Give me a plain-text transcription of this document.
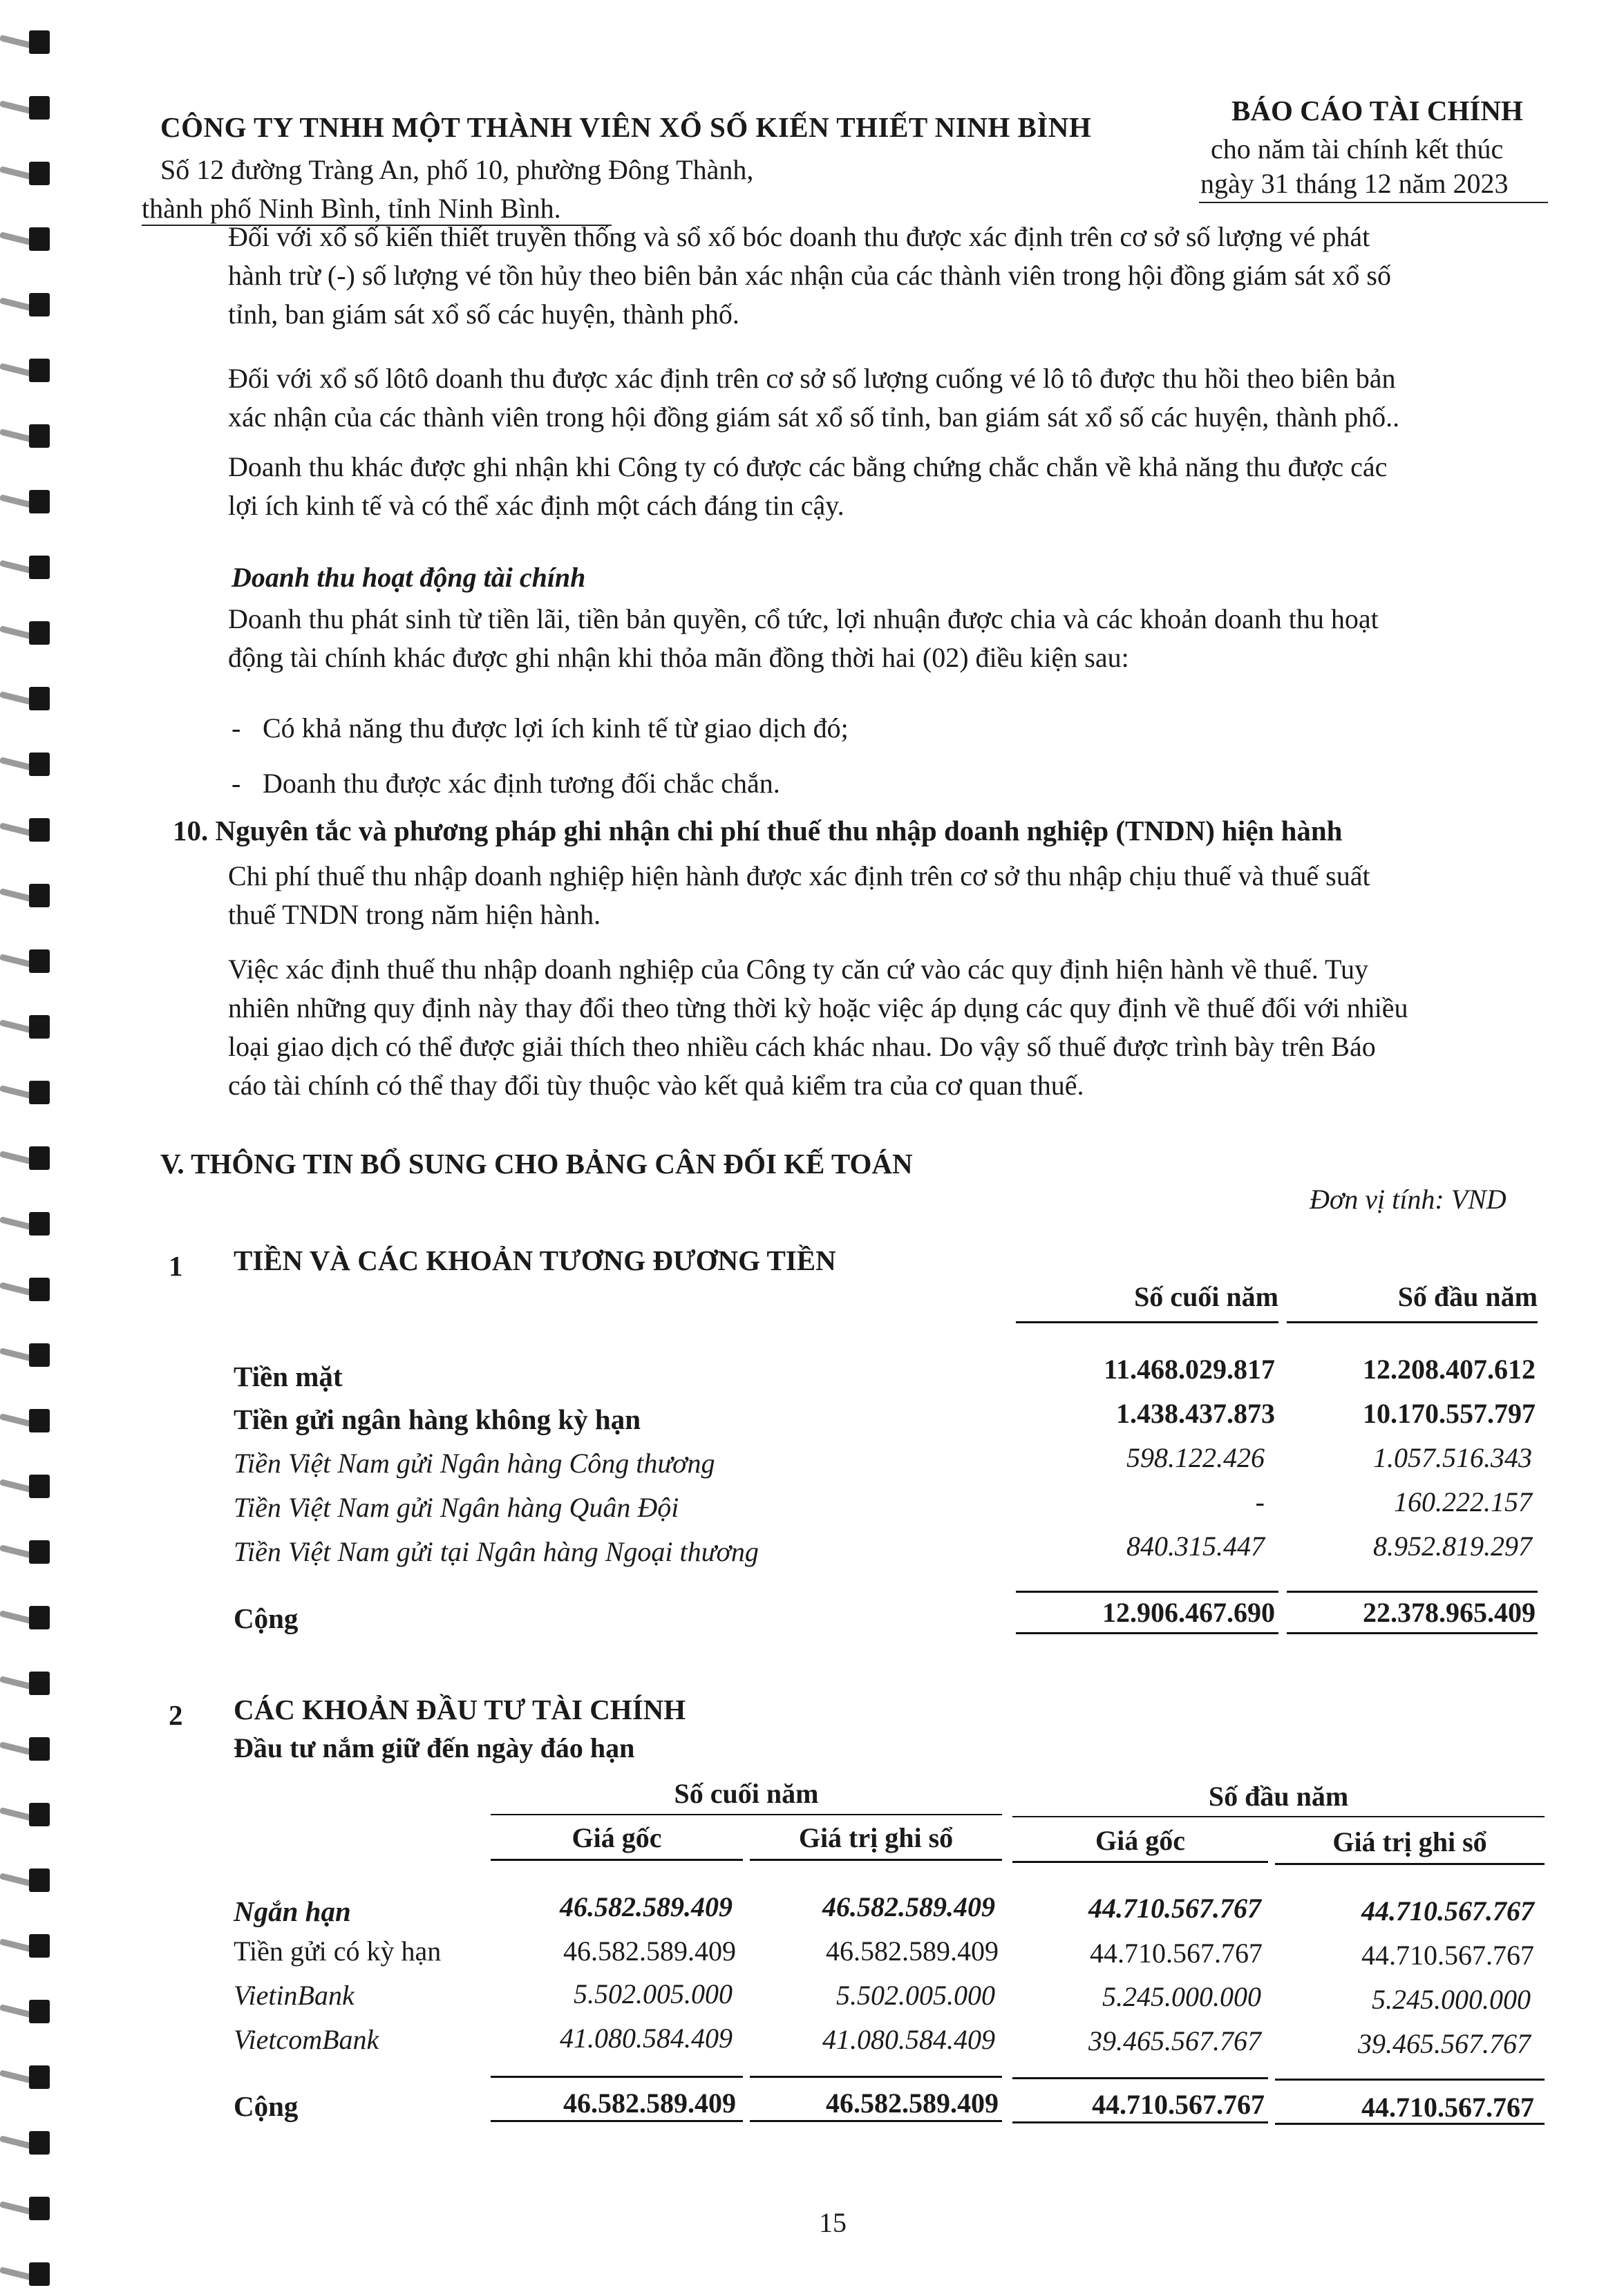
CÔNG TY TNHH MỘT THÀNH VIÊN XỔ SỐ KIẾN THIẾT NINH BÌNH
Số 12 đường Tràng An, phố 10, phường Đông Thành,
thành phố Ninh Bình, tỉnh Ninh Bình.
BÁO CÁO TÀI CHÍNH
cho năm tài chính kết thúc
ngày 31 tháng 12 năm 2023
Đối với xổ số kiến thiết truyền thống và sổ xố bóc doanh thu được xác định trên cơ sở số lượng vé phát
hành trừ (-) số lượng vé tồn hủy theo biên bản xác nhận của các thành viên trong hội đồng giám sát xổ số
tỉnh, ban giám sát xổ số các huyện, thành phố.
Đối với xổ số lôtô doanh thu được xác định trên cơ sở số lượng cuống vé lô tô được thu hồi theo biên bản
xác nhận của các thành viên trong hội đồng giám sát xổ số tỉnh, ban giám sát xổ số các huyện, thành phố..
Doanh thu khác được ghi nhận khi Công ty có được các bằng chứng chắc chắn về khả năng thu được các
lợi ích kinh tế và có thể xác định một cách đáng tin cậy.
Doanh thu hoạt động tài chính
Doanh thu phát sinh từ tiền lãi, tiền bản quyền, cổ tức, lợi nhuận được chia và các khoản doanh thu hoạt
động tài chính khác được ghi nhận khi thỏa mãn đồng thời hai (02) điều kiện sau:
- Có khả năng thu được lợi ích kinh tế từ giao dịch đó;
- Doanh thu được xác định tương đối chắc chắn.
10. Nguyên tắc và phương pháp ghi nhận chi phí thuế thu nhập doanh nghiệp (TNDN) hiện hành
Chi phí thuế thu nhập doanh nghiệp hiện hành được xác định trên cơ sở thu nhập chịu thuế và thuế suất
thuế TNDN trong năm hiện hành.
Việc xác định thuế thu nhập doanh nghiệp của Công ty căn cứ vào các quy định hiện hành về thuế. Tuy
nhiên những quy định này thay đổi theo từng thời kỳ hoặc việc áp dụng các quy định về thuế đối với nhiều
loại giao dịch có thể được giải thích theo nhiều cách khác nhau. Do vậy số thuế được trình bày trên Báo
cáo tài chính có thể thay đổi tùy thuộc vào kết quả kiểm tra của cơ quan thuế.
V. THÔNG TIN BỔ SUNG CHO BẢNG CÂN ĐỐI KẾ TOÁN
Đơn vị tính: VND
1 TIỀN VÀ CÁC KHOẢN TƯƠNG ĐƯƠNG TIỀN
Số cuối năm	Số đầu năm
Tiền mặt	11.468.029.817	12.208.407.612
Tiền gửi ngân hàng không kỳ hạn	1.438.437.873	10.170.557.797
Tiền Việt Nam gửi Ngân hàng Công thương	598.122.426	1.057.516.343
Tiền Việt Nam gửi Ngân hàng Quân Đội	-	160.222.157
Tiền Việt Nam gửi tại Ngân hàng Ngoại thương	840.315.447	8.952.819.297
Cộng	12.906.467.690	22.378.965.409
2 CÁC KHOẢN ĐẦU TƯ TÀI CHÍNH
Đầu tư nắm giữ đến ngày đáo hạn
Số cuối năm	Số đầu năm
Giá gốc	Giá trị ghi sổ	Giá gốc	Giá trị ghi sổ
Ngắn hạn	46.582.589.409	46.582.589.409	44.710.567.767	44.710.567.767
Tiền gửi có kỳ hạn	46.582.589.409	46.582.589.409	44.710.567.767	44.710.567.767
VietinBank	5.502.005.000	5.502.005.000	5.245.000.000	5.245.000.000
VietcomBank	41.080.584.409	41.080.584.409	39.465.567.767	39.465.567.767
Cộng	46.582.589.409	46.582.589.409	44.710.567.767	44.710.567.767
15
